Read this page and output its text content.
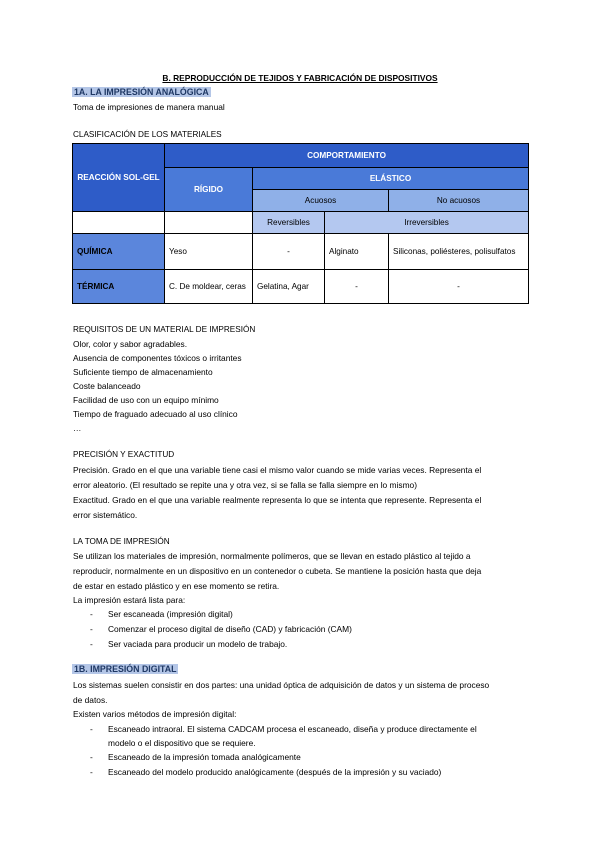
B. REPRODUCCIÓN DE TEJIDOS Y FABRICACIÓN DE DISPOSITIVOS
1A. LA IMPRESIÓN ANALÓGICA
Toma de impresiones de manera manual
CLASIFICACIÓN DE LOS MATERIALES
REACCIÓN SOL-GEL	COMPORTAMIENTO			
	RÍGIDO	ELÁSTICO		
		Acuosos		No acuosos
		Reversibles	Irreversibles	
QUÍMICA	Yeso	-	Alginato	Siliconas, poliésteres, polisulfatos
TÉRMICA	C. De moldear, ceras	Gelatina, Agar	-	-
REQUISITOS DE UN MATERIAL DE IMPRESIÓN
Olor, color y sabor agradables.
Ausencia de componentes tóxicos o irritantes
Suficiente tiempo de almacenamiento
Coste balanceado
Facilidad de uso con un equipo mínimo
Tiempo de fraguado adecuado al uso clínico
…
PRECISIÓN Y EXACTITUD
Precisión. Grado en el que una variable tiene casi el mismo valor cuando se mide varias veces. Representa el
error aleatorio. (El resultado se repite una y otra vez, si se falla se falla siempre en lo mismo)
Exactitud. Grado en el que una variable realmente representa lo que se intenta que represente. Representa el
error sistemático.
LA TOMA DE IMPRESIÓN
Se utilizan los materiales de impresión, normalmente polímeros, que se llevan en estado plástico al tejido a
reproducir, normalmente en un dispositivo en un contenedor o cubeta. Se mantiene la posición hasta que deja
de estar en estado plástico y en ese momento se retira.
La impresión estará lista para:
- Ser escaneada (impresión digital)
- Comenzar el proceso digital de diseño (CAD) y fabricación (CAM)
- Ser vaciada para producir un modelo de trabajo.
1B. IMPRESIÓN DIGITAL
Los sistemas suelen consistir en dos partes: una unidad óptica de adquisición de datos y un sistema de proceso
de datos.
Existen varios métodos de impresión digital:
- Escaneado intraoral. El sistema CADCAM procesa el escaneado, diseña y produce directamente el
modelo o el dispositivo que se requiere.
- Escaneado de la impresión tomada analógicamente
- Escaneado del modelo producido analógicamente (después de la impresión y su vaciado)
